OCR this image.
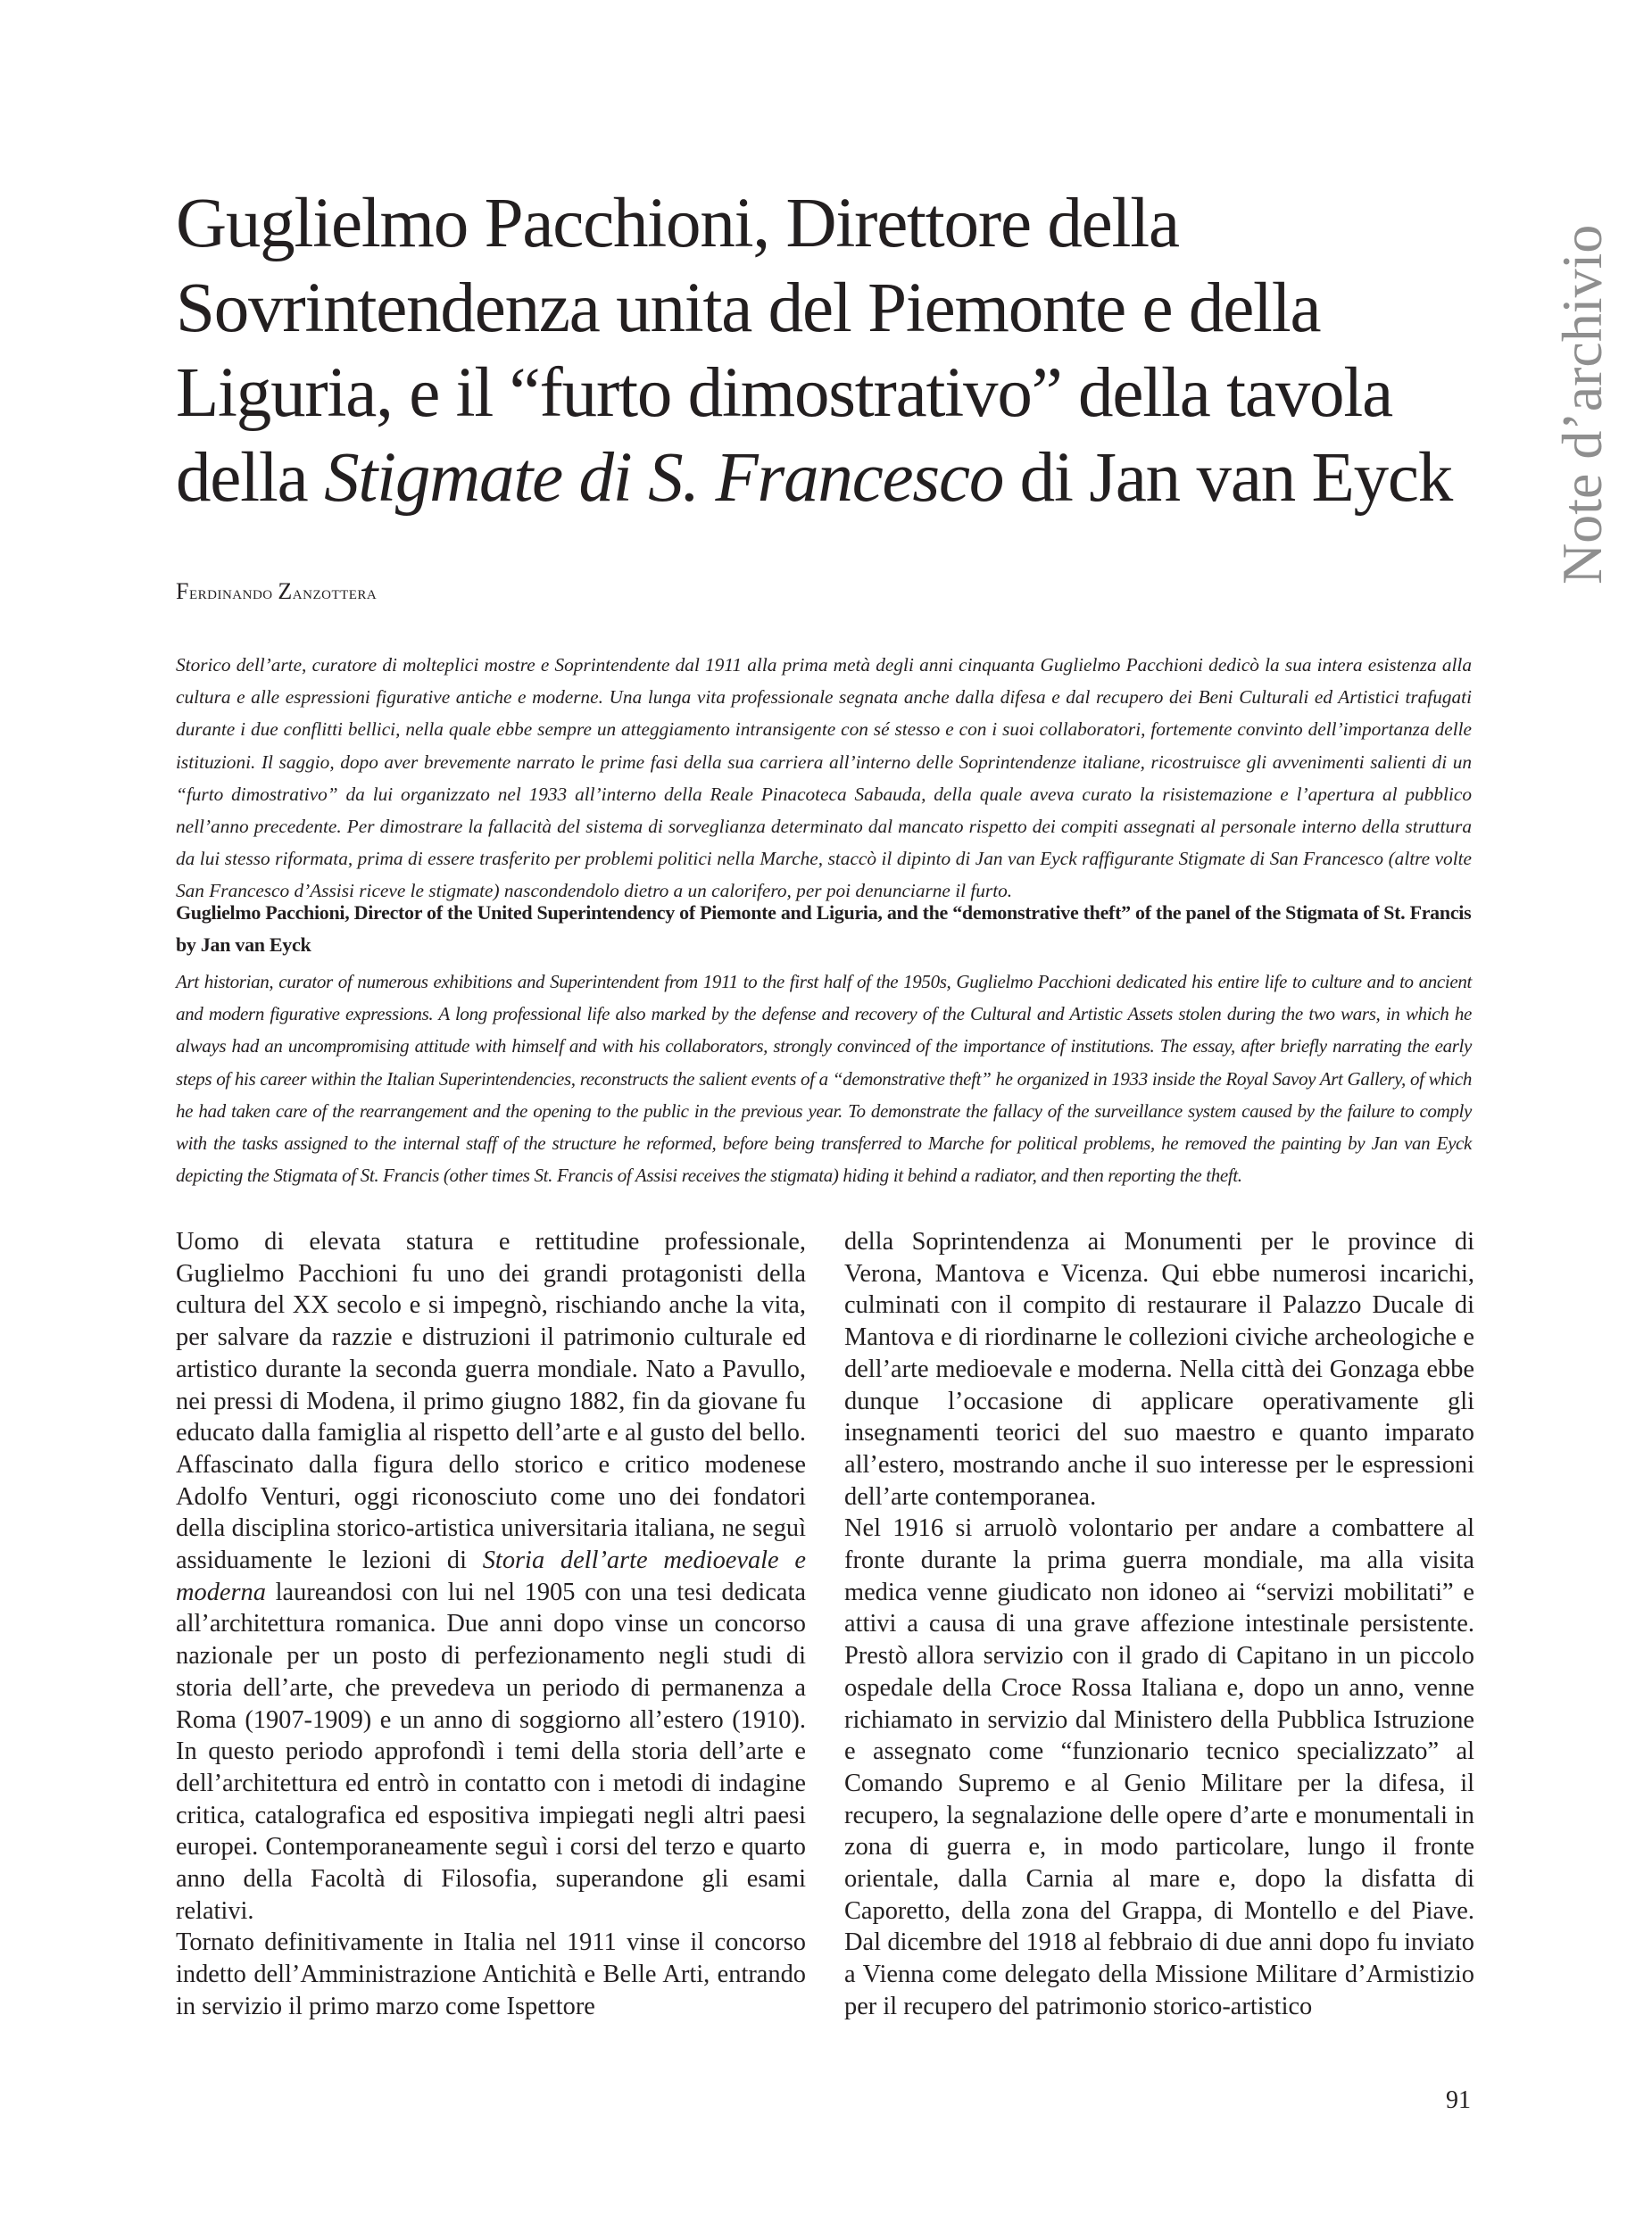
Note d’archivio
Guglielmo Pacchioni, Direttore della Sovrintendenza unita del Piemonte e della Liguria, e il “furto dimostrativo” della tavola della Stigmate di S. Francesco di Jan van Eyck
Ferdinando Zanzottera

Storico dell’arte, curatore di molteplici mostre e Soprintendente dal 1911 alla prima metà degli anni cinquanta Guglielmo Pacchioni dedicò la sua intera esistenza alla cultura e alle espressioni figurative antiche e moderne. Una lunga vita professionale segnata anche dalla difesa e dal recupero dei Beni Culturali ed Artistici trafugati durante i due conflitti bellici, nella quale ebbe sempre un atteggiamento intransigente con sé stesso e con i suoi collaboratori, fortemente convinto dell’importanza delle istituzioni. Il saggio, dopo aver brevemente narrato le prime fasi della sua carriera all’interno delle Soprintendenze italiane, ricostruisce gli avvenimenti salienti di un “furto dimostrativo” da lui organizzato nel 1933 all’interno della Reale Pinacoteca Sabauda, della quale aveva curato la risistemazione e l’apertura al pubblico nell’anno precedente. Per dimostrare la fallacità del sistema di sorveglianza determinato dal mancato rispetto dei compiti assegnati al personale interno della struttura da lui stesso riformata, prima di essere trasferito per problemi politici nella Marche, staccò il dipinto di Jan van Eyck raffigurante Stigmate di San Francesco (altre volte San Francesco d’Assisi riceve le stigmate) nascondendolo dietro a un calorifero, per poi denunciarne il furto.

Guglielmo Pacchioni, Director of the United Superintendency of Piemonte and Liguria, and the “demonstrative theft” of the panel of the Stigmata of St. Francis by Jan van Eyck

Art historian, curator of numerous exhibitions and Superintendent from 1911 to the first half of the 1950s, Guglielmo Pacchioni dedicated his entire life to culture and to ancient and modern figurative expressions. A long professional life also marked by the defense and recovery of the Cultural and Artistic Assets stolen during the two wars, in which he always had an uncompromising attitude with himself and with his collaborators, strongly convinced of the importance of institutions. The essay, after briefly narrating the early steps of his career within the Italian Superintendencies, reconstructs the salient events of a “demonstrative theft” he organized in 1933 inside the Royal Savoy Art Gallery, of which he had taken care of the rearrangement and the opening to the public in the previous year. To demonstrate the fallacy of the surveillance system caused by the failure to comply with the tasks assigned to the internal staff of the structure he reformed, before being transferred to Marche for political problems, he removed the painting by Jan van Eyck depicting the Stigmata of St. Francis (other times St. Francis of Assisi receives the stigmata) hiding it behind a radiator, and then reporting the theft.

Uomo di elevata statura e rettitudine professionale, Guglielmo Pacchioni fu uno dei grandi protagonisti della cultura del XX secolo e si impegnò, rischiando anche la vita, per salvare da razzie e distruzioni il patrimonio culturale ed artistico durante la seconda guerra mondiale. Nato a Pavullo, nei pressi di Modena, il primo giugno 1882, fin da giovane fu educato dalla famiglia al rispetto dell’arte e al gusto del bello. Affascinato dalla figura dello storico e critico modenese Adolfo Venturi, oggi riconosciuto come uno dei fondatori della disciplina storico-artistica universitaria italiana, ne seguì assiduamente le lezioni di Storia dell’arte medioevale e moderna laureandosi con lui nel 1905 con una tesi dedicata all’architettura romanica. Due anni dopo vinse un concorso nazionale per un posto di perfezionamento negli studi di storia dell’arte, che prevedeva un periodo di permanenza a Roma (1907-1909) e un anno di soggiorno all’estero (1910). In questo periodo approfondì i temi della storia dell’arte e dell’architettura ed entrò in contatto con i metodi di indagine critica, catalografica ed espositiva impiegati negli altri paesi europei. Contemporaneamente seguì i corsi del terzo e quarto anno della Facoltà di Filosofia, superandone gli esami relativi.

Tornato definitivamente in Italia nel 1911 vinse il concorso indetto dell’Amministrazione Antichità e Belle Arti, entrando in servizio il primo marzo come Ispettore

della Soprintendenza ai Monumenti per le province di Verona, Mantova e Vicenza. Qui ebbe numerosi incarichi, culminati con il compito di restaurare il Palazzo Ducale di Mantova e di riordinarne le collezioni civiche archeologiche e dell’arte medioevale e moderna. Nella città dei Gonzaga ebbe dunque l’occasione di applicare operativamente gli insegnamenti teorici del suo maestro e quanto imparato all’estero, mostrando anche il suo interesse per le espressioni dell’arte contemporanea.

Nel 1916 si arruolò volontario per andare a combattere al fronte durante la prima guerra mondiale, ma alla visita medica venne giudicato non idoneo ai “servizi mobilitati” e attivi a causa di una grave affezione intestinale persistente. Prestò allora servizio con il grado di Capitano in un piccolo ospedale della Croce Rossa Italiana e, dopo un anno, venne richiamato in servizio dal Ministero della Pubblica Istruzione e assegnato come “funzionario tecnico specializzato” al Comando Supremo e al Genio Militare per la difesa, il recupero, la segnalazione delle opere d’arte e monumentali in zona di guerra e, in modo particolare, lungo il fronte orientale, dalla Carnia al mare e, dopo la disfatta di Caporetto, della zona del Grappa, di Montello e del Piave. Dal dicembre del 1918 al febbraio di due anni dopo fu inviato a Vienna come delegato della Missione Militare d’Armistizio per il recupero del patrimonio storico-artistico

91
